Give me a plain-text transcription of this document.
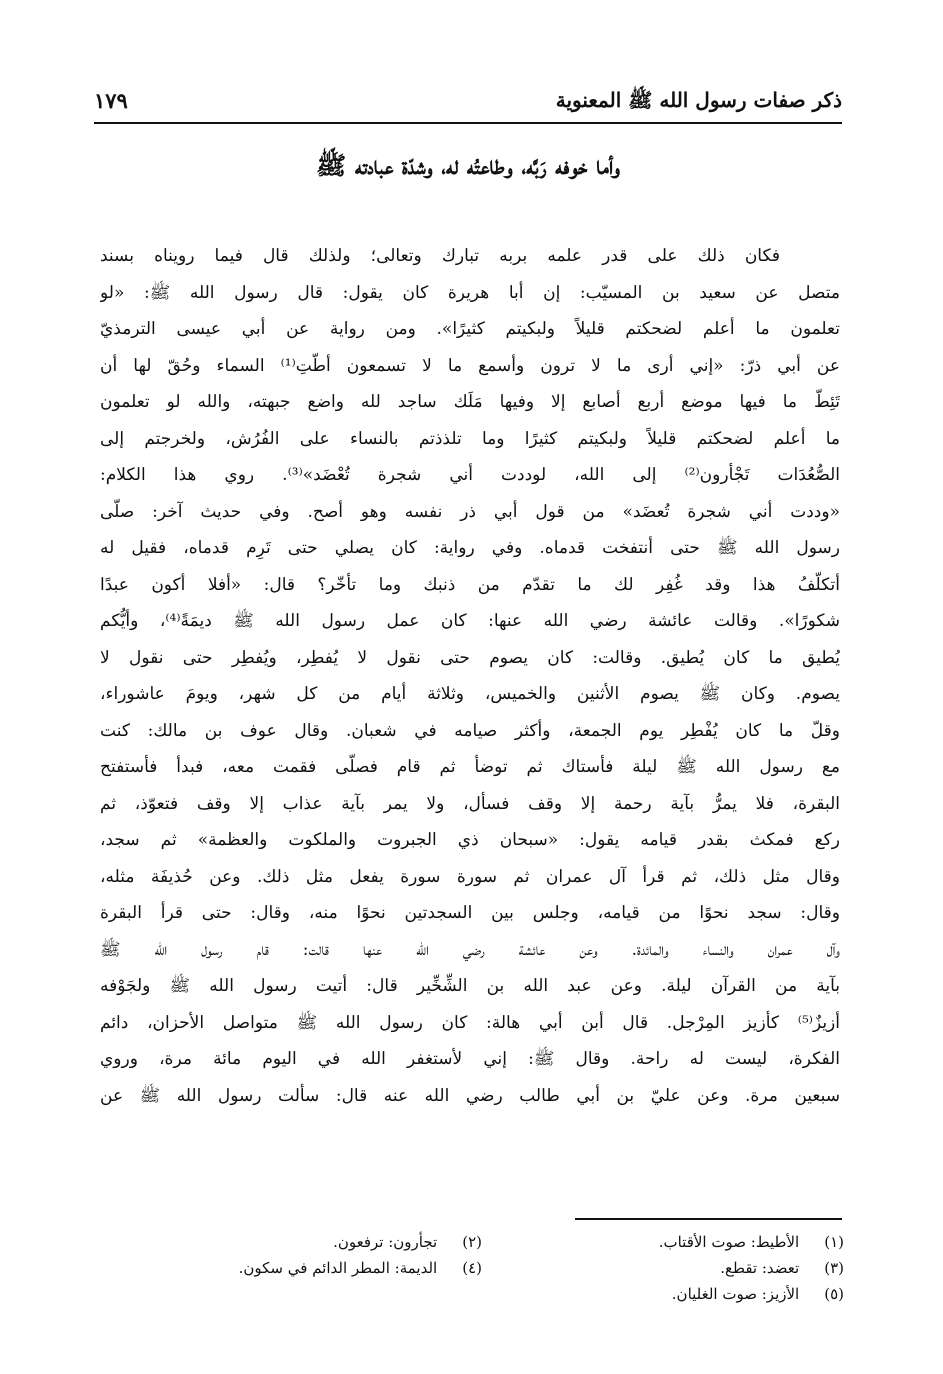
ذكر صفات رسول الله ﷺ المعنوية
١٧٩
وأما خوفه رَبَّه، وطاعتُه له، وشدّة عبادته ﷺ
فكان ذلك على قدر علمه بربه تبارك وتعالى؛ ولذلك قال فيما رويناه بسند
متصل عن سعيد بن المسيّب: إن أبا هريرة كان يقول: قال رسول الله ﷺ: «لو
تعلمون ما أعلم لضحكتم قليلاً ولبكيتم كثيرًا». ومن رواية عن أبي عيسى الترمذيّ
عن أبي ذرّ: «إني أرى ما لا ترون وأسمع ما لا تسمعون أطّتِ⁽¹⁾ السماء وحُقّ لها أن
تَئِطّ ما فيها موضع أربع أصابع إلا وفيها مَلَك ساجد لله واضع جبهته، والله لو تعلمون
ما أعلم لضحكتم قليلاً ولبكيتم كثيرًا وما تلذذتم بالنساء على الفُرُش، ولخرجتم إلى
الصُّعُدَات تَجْأرون⁽²⁾ إلى الله، لوددت أني شجرة تُعْضَد»⁽³⁾. روي هذا الكلام:
«وددت أني شجرة تُعضَد» من قول أبي ذر نفسه وهو أصح. وفي حديث آخر: صلّى
رسول الله ﷺ حتى أنتفخت قدماه. وفي رواية: كان يصلي حتى تَرِم قدماه، فقيل له
أتكلّفُ هذا وقد غُفِر لك ما تقدّم من ذنبك وما تأخّر؟ قال: «أفلا أكون عبدًا
شكورًا». وقالت عائشة رضي الله عنها: كان عمل رسول الله ﷺ ديمَةً⁽⁴⁾، وأيُّكم
يُطيق ما كان يُطيق. وقالت: كان يصوم حتى نقول لا يُفطِر، ويُفطِر حتى نقول لا
يصوم. وكان ﷺ يصوم الأثنين والخميس، وثلاثة أيام من كل شهر، ويومَ عاشوراء،
وقلّ ما كان يُفْطِر يوم الجمعة، وأكثر صيامه في شعبان. وقال عوف بن مالك: كنت
مع رسول الله ﷺ ليلة فأستاك ثم توضأ ثم قام فصلّى فقمت معه، فبدأ فأستفتح
البقرة، فلا يمرُّ بآية رحمة إلا وقف فسأل، ولا يمر بآية عذاب إلا وقف فتعوّذ، ثم
ركع فمكث بقدر قيامه يقول: «سبحان ذي الجبروت والملكوت والعظمة» ثم سجد،
وقال مثل ذلك، ثم قرأ آل عمران ثم سورة سورة يفعل مثل ذلك. وعن حُذيفَة مثله،
وقال: سجد نحوًا من قيامه، وجلس بين السجدتين نحوًا منه، وقال: حتى قرأ البقرة
وآل عمران والنساء والمائدة. وعن عائشة رضي الله عنها قالت: قام رسول الله ﷺ
بآية من القرآن ليلة. وعن عبد الله بن الشِّخِّير قال: أتيت رسول الله ﷺ ولجَوْفه
أزيزٌ⁽⁵⁾ كأزيز المِرْجل. قال أبن أبي هالة: كان رسول الله ﷺ متواصل الأحزان، دائم
الفكرة، ليست له راحة. وقال ﷺ: إني لأستغفر الله في اليوم مائة مرة، وروي
سبعين مرة. وعن عليّ بن أبي طالب رضي الله عنه قال: سألت رسول الله ﷺ عن
(١) الأطيط: صوت الأقتاب.
(٣) تعضد: تقطع.
(٥) الأزيز: صوت الغليان.
(٢) تجأرون: ترفعون.
(٤) الديمة: المطر الدائم في سكون.
